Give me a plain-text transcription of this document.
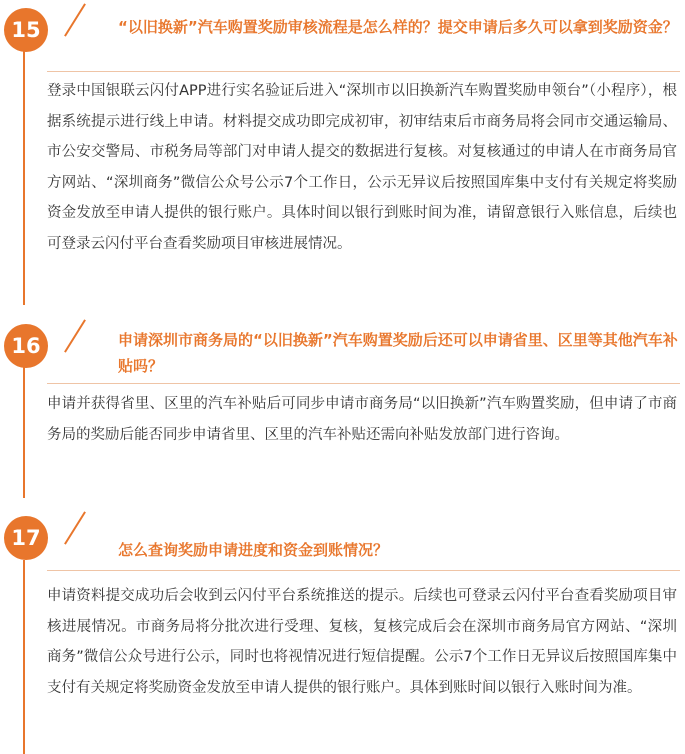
15	“以旧换新”汽车购置奖励审核流程是怎么样的？提交申请后多久可以拿到奖励资金？
登录中国银联云闪付APP进行实名验证后进入“深圳市以旧换新汽车购置奖励申领台”（小程序），根据系统提示进行线上申请。材料提交成功即完成初审，初审结束后市商务局将会同市交通运输局、市公安交警局、市税务局等部门对申请人提交的数据进行复核。对复核通过的申请人在市商务局官方网站、“深圳商务”微信公众号公示7个工作日，公示无异议后按照国库集中支付有关规定将奖励资金发放至申请人提供的银行账户。具体时间以银行到账时间为准，请留意银行入账信息，后续也可登录云闪付平台查看奖励项目审核进展情况。
16	申请深圳市商务局的“以旧换新”汽车购置奖励后还可以申请省里、区里等其他汽车补贴吗？
申请并获得省里、区里的汽车补贴后可同步申请市商务局“以旧换新”汽车购置奖励，但申请了市商务局的奖励后能否同步申请省里、区里的汽车补贴还需向补贴发放部门进行咨询。
17	怎么查询奖励申请进度和资金到账情况？
申请资料提交成功后会收到云闪付平台系统推送的提示。后续也可登录云闪付平台查看奖励项目审核进展情况。市商务局将分批次进行受理、复核，复核完成后会在深圳市商务局官方网站、“深圳商务”微信公众号进行公示，同时也将视情况进行短信提醒。公示7个工作日无异议后按照国库集中支付有关规定将奖励资金发放至申请人提供的银行账户。具体到账时间以银行入账时间为准。
